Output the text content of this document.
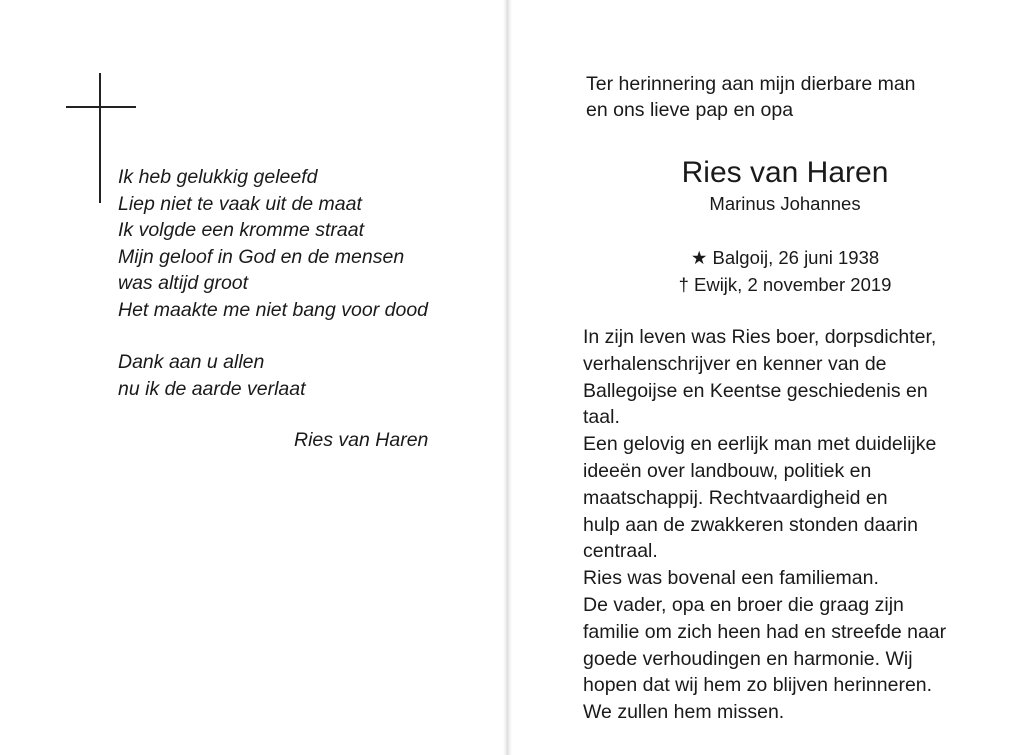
Ik heb gelukkig geleefd
Liep niet te vaak uit de maat
Ik volgde een kromme straat
Mijn geloof in God en de mensen
was altijd groot
Het maakte me niet bang voor dood

Dank aan u allen
nu ik de aarde verlaat

Ries van Haren
Ter herinnering aan mijn dierbare man
en ons lieve pap en opa
Ries van Haren
Marinus Johannes
★ Balgoij, 26 juni 1938
† Ewijk, 2 november 2019
In zijn leven was Ries boer, dorpsdichter,
verhalenschrijver en kenner van de
Ballegoijse en Keentse geschiedenis en
taal.
Een gelovig en eerlijk man met duidelijke
ideeën over landbouw, politiek en
maatschappij. Rechtvaardigheid en
hulp aan de zwakkeren stonden daarin
centraal.
Ries was bovenal een familieman.
De vader, opa en broer die graag zijn
familie om zich heen had en streefde naar
goede verhoudingen en harmonie. Wij
hopen dat wij hem zo blijven herinneren.
We zullen hem missen.
